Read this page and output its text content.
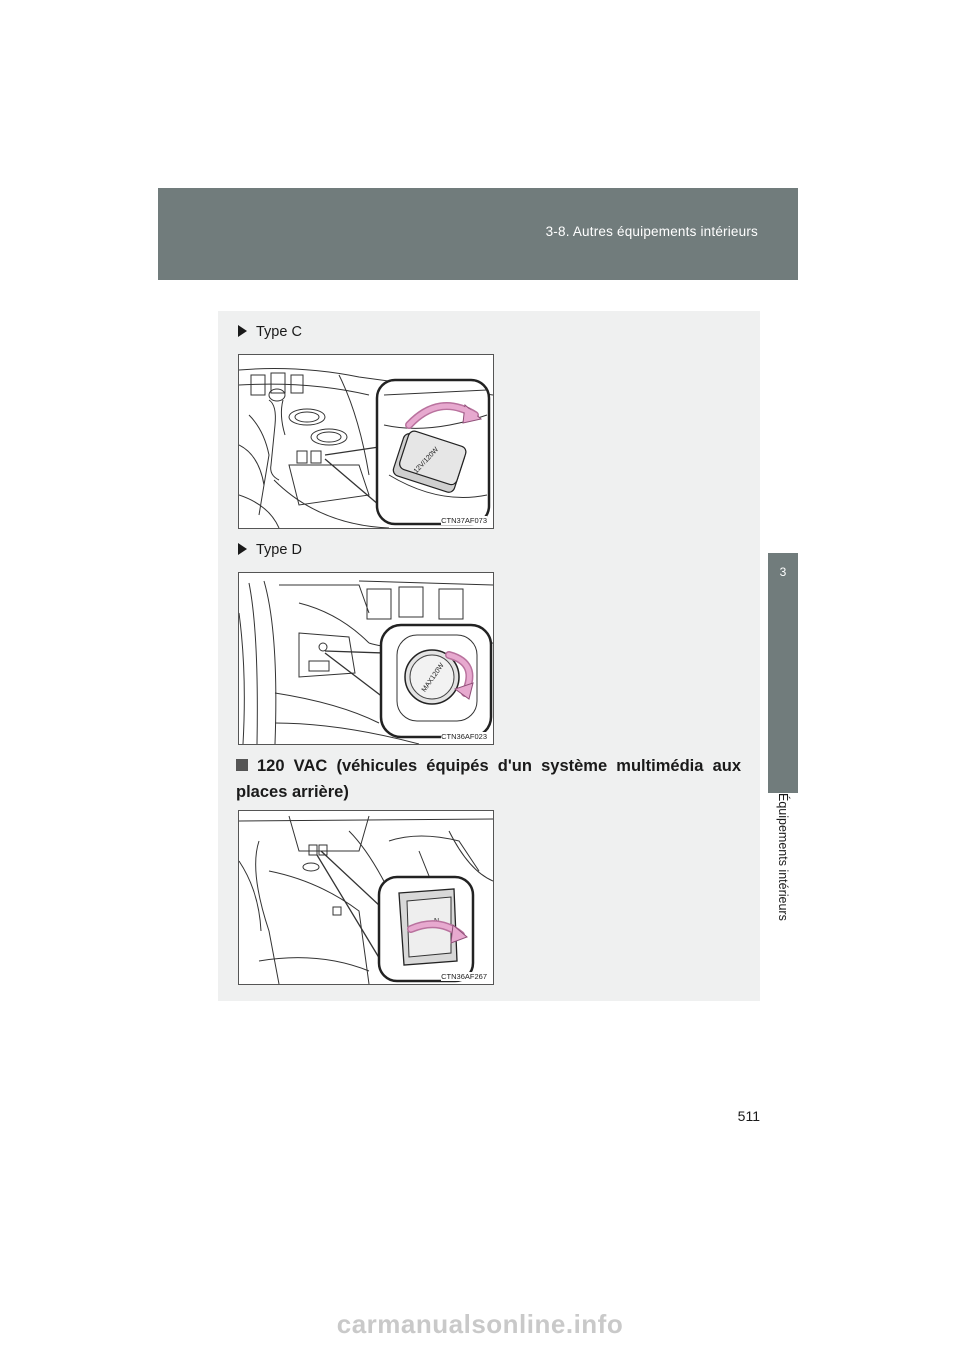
3-8. Autres équipements intérieurs
3
Équipements intérieurs
Type C
12V/120W
CTN37AF073
Type D
MAX120W
CTN36AF023
120 VAC (véhicules équipés d'un système multimédia aux places arrière)
N
CTN36AF267
511
carmanualsonline.info
